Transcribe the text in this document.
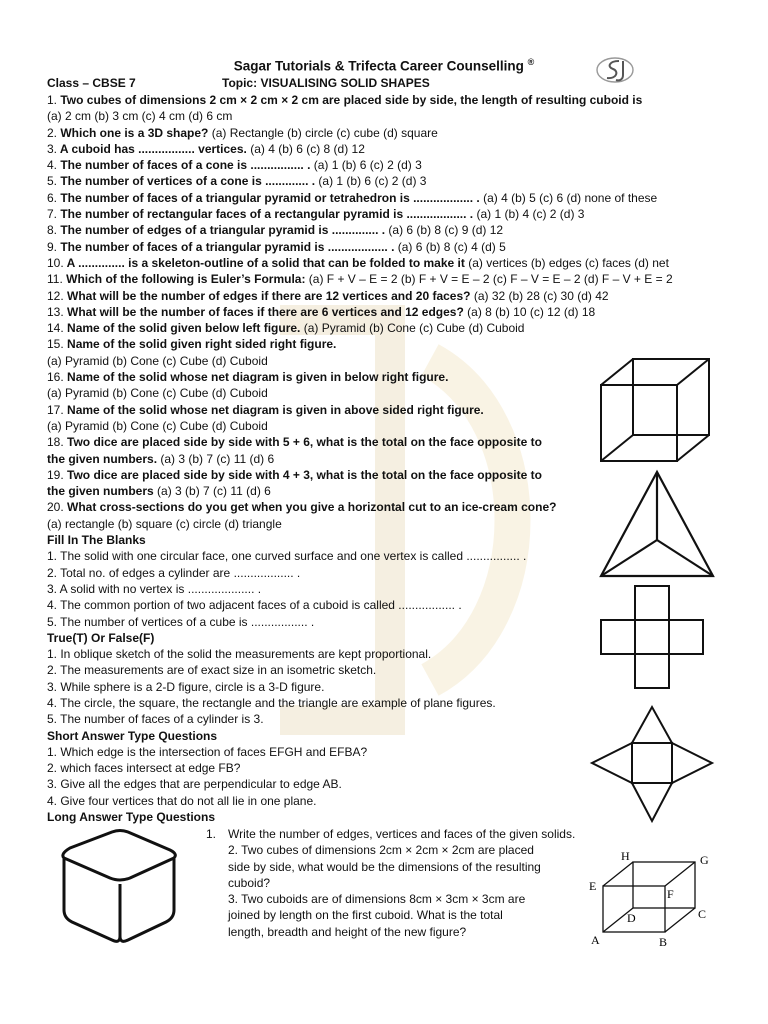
Sagar Tutorials & Trifecta Career Counselling ®
Class – CBSE 7	Topic: VISUALISING SOLID SHAPES
1. Two cubes of dimensions 2 cm × 2 cm × 2 cm are placed side by side, the length of resulting cuboid is
(a) 2 cm (b) 3 cm (c) 4 cm (d) 6 cm
2. Which one is a 3D shape? (a) Rectangle (b) circle (c) cube (d) square
3. A cuboid has ................. vertices. (a) 4 (b) 6 (c) 8 (d) 12
4. The number of faces of a cone is ................ . (a) 1 (b) 6 (c) 2 (d) 3
5. The number of vertices of a cone is ............. . (a) 1 (b) 6 (c) 2 (d) 3
6. The number of faces of a triangular pyramid or tetrahedron is .................. . (a) 4 (b) 5 (c) 6 (d) none of these
7. The number of rectangular faces of a rectangular pyramid is .................. . (a) 1 (b) 4 (c) 2 (d) 3
8. The number of edges of a triangular pyramid is .............. . (a) 6 (b) 8 (c) 9 (d) 12
9. The number of faces of a triangular pyramid is .................. . (a) 6 (b) 8 (c) 4 (d) 5
10. A .............. is a skeleton-outline of a solid that can be folded to make it (a) vertices (b) edges (c) faces (d) net
11. Which of the following is Euler’s Formula: (a) F + V – E = 2 (b) F + V = E – 2 (c) F – V = E – 2 (d) F – V + E = 2
12. What will be the number of edges if there are 12 vertices and 20 faces? (a) 32 (b) 28 (c) 30 (d) 42
13. What will be the number of faces if there are 6 vertices and 12 edges? (a) 8 (b) 10 (c) 12 (d) 18
14. Name of the solid given below left figure. (a) Pyramid (b) Cone (c) Cube (d) Cuboid
15. Name of the solid given right sided right figure.
(a) Pyramid (b) Cone (c) Cube (d) Cuboid
16. Name of the solid whose net diagram is given in below right figure.
(a) Pyramid (b) Cone (c) Cube (d) Cuboid
17. Name of the solid whose net diagram is given in above sided right figure.
(a) Pyramid (b) Cone (c) Cube (d) Cuboid
18. Two dice are placed side by side with 5 + 6, what is the total on the face opposite to
the given numbers. (a) 3 (b) 7 (c) 11 (d) 6
19. Two dice are placed side by side with 4 + 3, what is the total on the face opposite to
the given numbers (a) 3 (b) 7 (c) 11 (d) 6
20. What cross-sections do you get when you give a horizontal cut to an ice-cream cone?
(a) rectangle (b) square (c) circle (d) triangle
Fill In The Blanks
1. The solid with one circular face, one curved surface and one vertex is called ................ .
2. Total no. of edges a cylinder are .................. .
3. A solid with no vertex is .................... .
4. The common portion of two adjacent faces of a cuboid is called ................. .
5. The number of vertices of a cube is ................. .
True(T) Or False(F)
1. In oblique sketch of the solid the measurements are kept proportional.
2. The measurements are of exact size in an isometric sketch.
3. While sphere is a 2-D figure, circle is a 3-D figure.
4. The circle, the square, the rectangle and the triangle are example of plane figures.
5. The number of faces of a cylinder is 3.
Short Answer Type Questions
1. Which edge is the intersection of faces EFGH and EFBA?
2. which faces intersect at edge FB?
3. Give all the edges that are perpendicular to edge AB.
4. Give four vertices that do not all lie in one plane.
Long Answer Type Questions
1. Write the number of edges, vertices and faces of the given solids.
2. Two cubes of dimensions 2cm × 2cm × 2cm are placed
side by side, what would be the dimensions of the resulting
cuboid?
3. Two cuboids are of dimensions 8cm × 3cm × 3cm are
joined by length on the first cuboid. What is the total
length, breadth and height of the new figure?
H	G
E
F
D	C
A	B
